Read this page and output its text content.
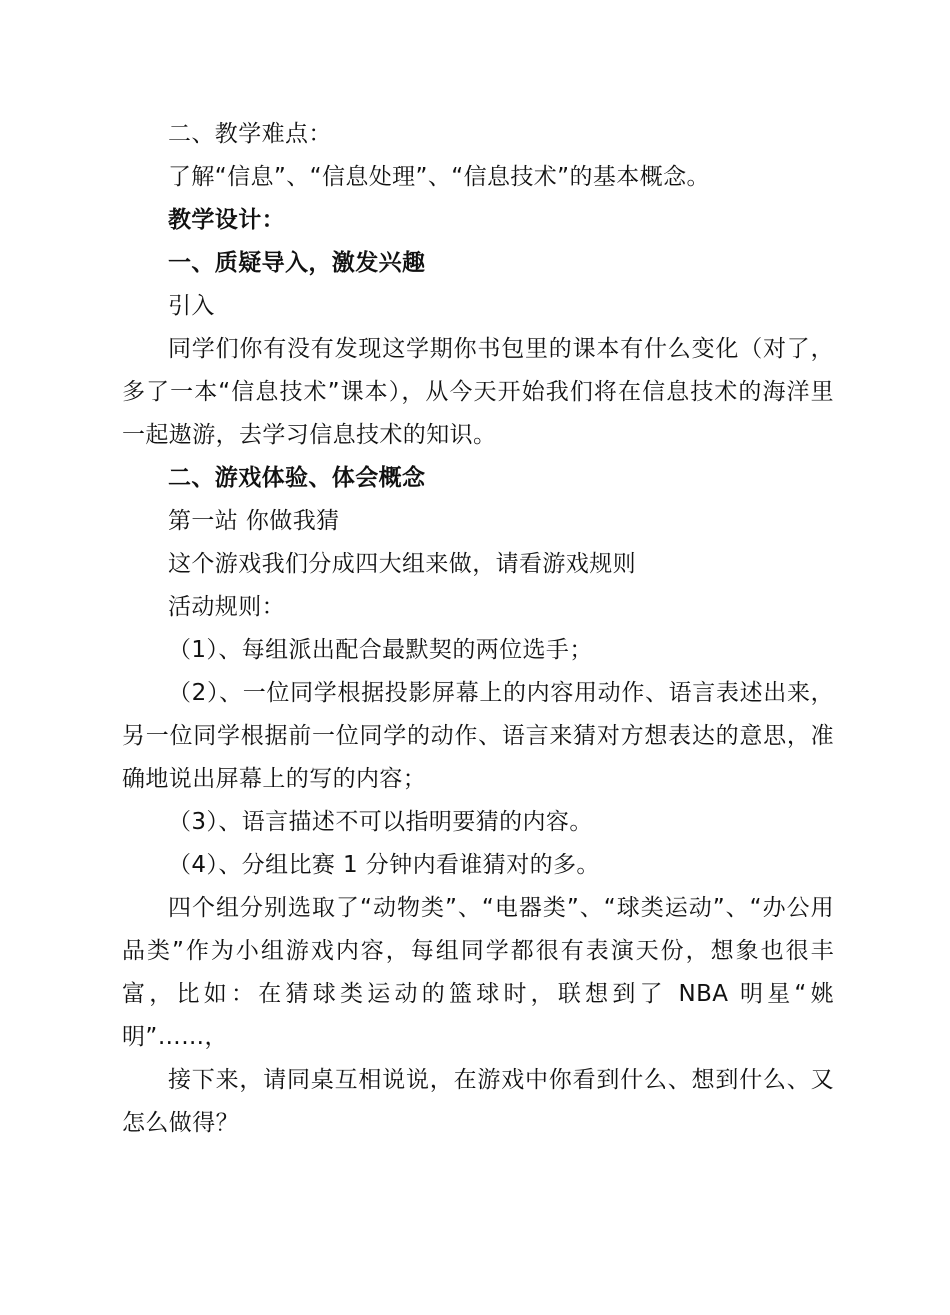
二、教学难点：

了解“信息”、“信息处理”、“信息技术”的基本概念。

教学设计：

一、质疑导入，激发兴趣

引入

同学们你有没有发现这学期你书包里的课本有什么变化（对了，多了一本“信息技术”课本），从今天开始我们将在信息技术的海洋里一起遨游，去学习信息技术的知识。

二、游戏体验、体会概念

第一站 你做我猜

这个游戏我们分成四大组来做，请看游戏规则

活动规则：

（1）、每组派出配合最默契的两位选手；

（2）、一位同学根据投影屏幕上的内容用动作、语言表述出来，另一位同学根据前一位同学的动作、语言来猜对方想表达的意思，准确地说出屏幕上的写的内容；

（3）、语言描述不可以指明要猜的内容。

（4）、分组比赛 1 分钟内看谁猜对的多。

四个组分别选取了“动物类”、“电器类”、“球类运动”、“办公用品类”作为小组游戏内容，每组同学都很有表演天份，想象也很丰富，比如：在猜球类运动的篮球时，联想到了 NBA 明星“姚明”……，

接下来，请同桌互相说说，在游戏中你看到什么、想到什么、又怎么做得？
